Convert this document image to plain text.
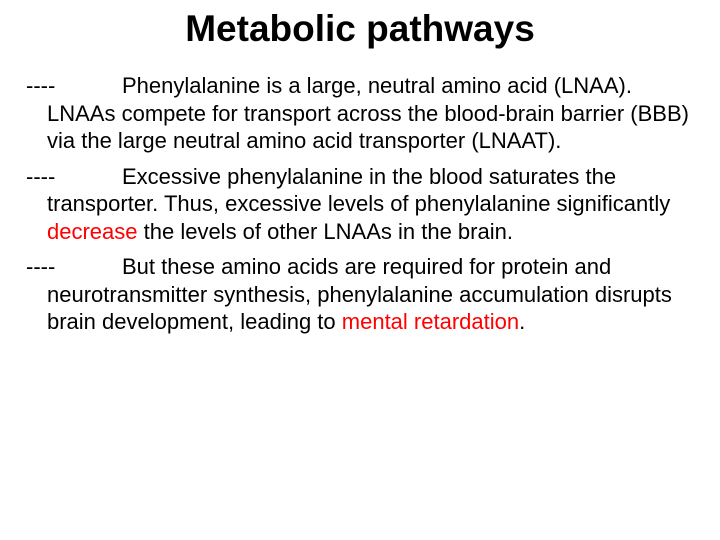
Metabolic pathways
----	Phenylalanine is a large, neutral amino acid (LNAA). LNAAs compete for transport across the blood-brain barrier (BBB) via the large neutral amino acid transporter (LNAAT).
----	Excessive phenylalanine in the blood saturates the transporter. Thus, excessive levels of phenylalanine significantly decrease the levels of other LNAAs in the brain.
----	But these amino acids are required for protein and neurotransmitter synthesis, phenylalanine accumulation disrupts brain development, leading to mental retardation.
